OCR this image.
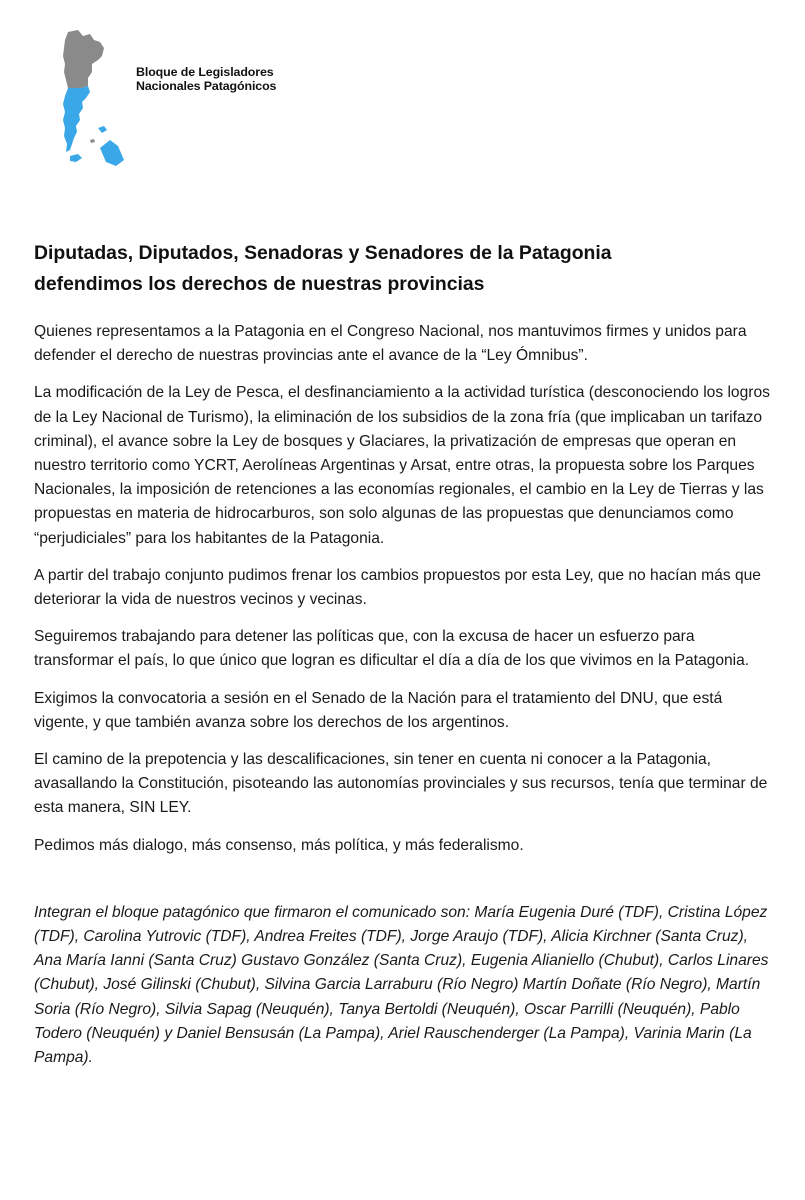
Bloque de Legisladores
Nacionales Patagónicos
Diputadas, Diputados, Senadoras y Senadores de la Patagonia
defendimos los derechos de nuestras provincias

Quienes representamos a la Patagonia en el Congreso Nacional, nos mantuvimos firmes y unidos para defender el derecho de nuestras provincias ante el avance de la “Ley Ómnibus”.

La modificación de la Ley de Pesca, el desfinanciamiento a la actividad turística (desconociendo los logros de la Ley Nacional de Turismo), la eliminación de los subsidios de la zona fría (que implicaban un tarifazo criminal), el avance sobre la Ley de bosques y Glaciares, la privatización de empresas que operan en nuestro territorio como YCRT, Aerolíneas Argentinas y Arsat, entre otras, la propuesta sobre los Parques Nacionales, la imposición de retenciones a las economías regionales, el cambio en la Ley de Tierras y las propuestas en materia de hidrocarburos, son solo algunas de las propuestas que denunciamos como “perjudiciales” para los habitantes de la Patagonia.

A partir del trabajo conjunto pudimos frenar los cambios propuestos por esta Ley, que no hacían más que deteriorar la vida de nuestros vecinos y vecinas.

Seguiremos trabajando para detener las políticas que, con la excusa de hacer un esfuerzo para transformar el país, lo que único que logran es dificultar el día a día de los que vivimos en la Patagonia.

Exigimos la convocatoria a sesión en el Senado de la Nación para el tratamiento del DNU, que está vigente, y que también avanza sobre los derechos de los argentinos.

El camino de la prepotencia y las descalificaciones, sin tener en cuenta ni conocer a la Patagonia, avasallando la Constitución, pisoteando las autonomías provinciales y sus recursos, tenía que terminar de esta manera, SIN LEY.

Pedimos más dialogo, más consenso, más política, y más federalismo.

Integran el bloque patagónico que firmaron el comunicado son: María Eugenia Duré (TDF), Cristina López (TDF), Carolina Yutrovic (TDF), Andrea Freites (TDF), Jorge Araujo (TDF), Alicia Kirchner (Santa Cruz), Ana María Ianni (Santa Cruz) Gustavo González (Santa Cruz), Eugenia Alianiello (Chubut), Carlos Linares (Chubut), José Gilinski (Chubut), Silvina Garcia Larraburu (Río Negro) Martín Doñate (Río Negro), Martín Soria (Río Negro), Silvia Sapag (Neuquén), Tanya Bertoldi (Neuquén), Oscar Parrilli (Neuquén), Pablo Todero (Neuquén) y Daniel Bensusán (La Pampa), Ariel Rauschenderger (La Pampa), Varinia Marin (La Pampa).
